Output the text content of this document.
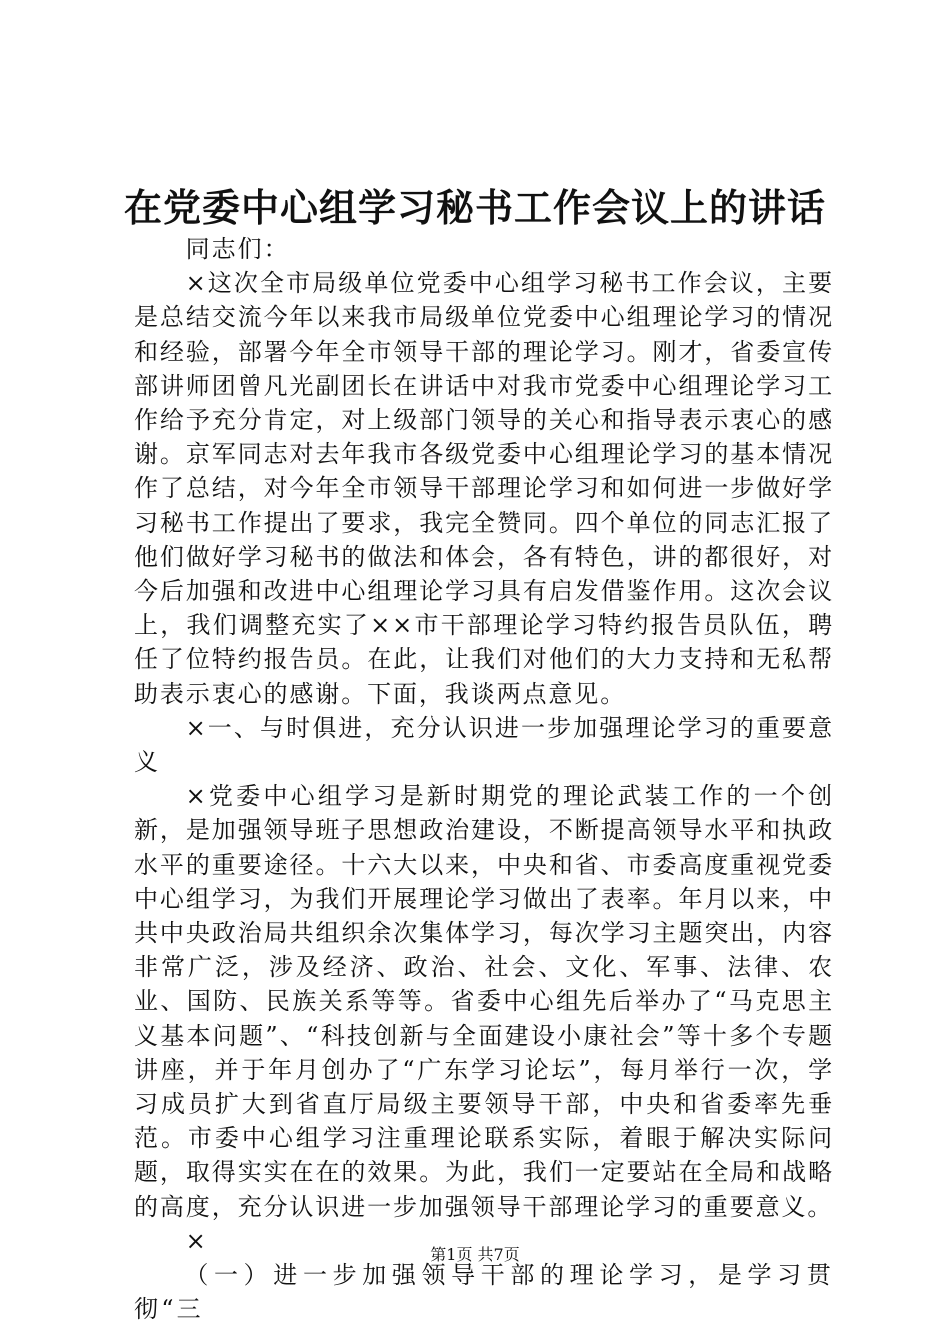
在党委中心组学习秘书工作会议上的讲话

同志们：

×这次全市局级单位党委中心组学习秘书工作会议，主要是总结交流今年以来我市局级单位党委中心组理论学习的情况和经验，部署今年全市领导干部的理论学习。刚才，省委宣传部讲师团曾凡光副团长在讲话中对我市党委中心组理论学习工作给予充分肯定，对上级部门领导的关心和指导表示衷心的感谢。京军同志对去年我市各级党委中心组理论学习的基本情况作了总结，对今年全市领导干部理论学习和如何进一步做好学习秘书工作提出了要求，我完全赞同。四个单位的同志汇报了他们做好学习秘书的做法和体会，各有特色，讲的都很好，对今后加强和改进中心组理论学习具有启发借鉴作用。这次会议上，我们调整充实了××市干部理论学习特约报告员队伍，聘任了位特约报告员。在此，让我们对他们的大力支持和无私帮助表示衷心的感谢。下面，我谈两点意见。

×一、与时俱进，充分认识进一步加强理论学习的重要意义

×党委中心组学习是新时期党的理论武装工作的一个创新，是加强领导班子思想政治建设，不断提高领导水平和执政水平的重要途径。十六大以来，中央和省、市委高度重视党委中心组学习，为我们开展理论学习做出了表率。年月以来，中共中央政治局共组织余次集体学习，每次学习主题突出，内容非常广泛，涉及经济、政治、社会、文化、军事、法律、农业、国防、民族关系等等。省委中心组先后举办了“马克思主义基本问题”、“科技创新与全面建设小康社会”等十多个专题讲座，并于年月创办了“广东学习论坛”，每月举行一次，学习成员扩大到省直厅局级主要领导干部，中央和省委率先垂范。市委中心组学习注重理论联系实际，着眼于解决实际问题，取得实实在在的效果。为此，我们一定要站在全局和战略的高度，充分认识进一步加强领导干部理论学习的重要意义。

×

（一）进一步加强领导干部的理论学习，是学习贯彻“三

第1页 共7页
